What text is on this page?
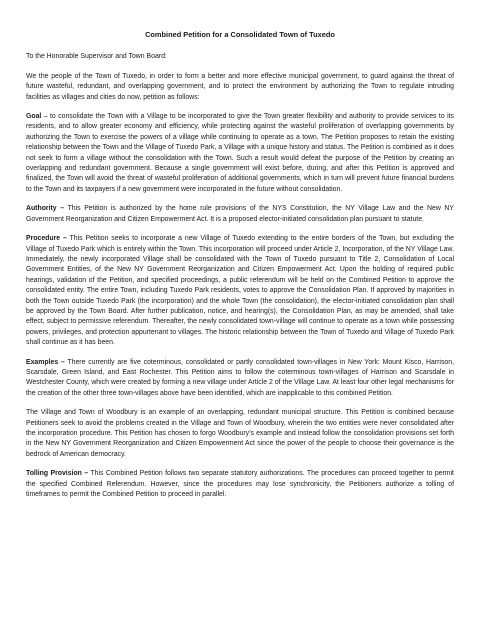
Combined Petition for a Consolidated Town of Tuxedo
To the Honorable Supervisor and Town Board:

We the people of the Town of Tuxedo, in order to form a better and more effective municipal government, to guard against the threat of future wasteful, redundant, and overlapping government, and to protect the environment by authorizing the Town to regulate intruding facilities as villages and cities do now, petition as follows:

Goal – to consolidate the Town with a Village to be incorporated to give the Town greater flexibility and authority to provide services to its residents, and to allow greater economy and efficiency, while protecting against the wasteful proliferation of overlapping governments by authorizing the Town to exercise the powers of a village while continuing to operate as a town. The Petition proposes to retain the existing relationship between the Town and the Village of Tuxedo Park, a Village with a unique history and status. The Petition is combined as it does not seek to form a village without the consolidation with the Town. Such a result would defeat the purpose of the Petition by creating an overlapping and redundant government. Because a single government will exist before, during, and after this Petition is approved and finalized, the Town will avoid the threat of wasteful proliferation of additional governments, which in turn will prevent future financial burdens to the Town and its taxpayers if a new government were incorporated in the future without consolidation.

Authority – This Petition is authorized by the home rule provisions of the NYS Constitution, the NY Village Law and the New NY Government Reorganization and Citizen Empowerment Act. It is a proposed elector-initiated consolidation plan pursuant to statute.

Procedure – This Petition seeks to incorporate a new Village of Tuxedo extending to the entire borders of the Town, but excluding the Village of Tuxedo Park which is entirely within the Town. This incorporation will proceed under Article 2, Incorporation, of the NY Village Law. Immediately, the newly incorporated Village shall be consolidated with the Town of Tuxedo pursuant to Title 2, Consolidation of Local Government Entities, of the New NY Government Reorganization and Citizen Empowerment Act. Upon the holding of required public hearings, validation of the Petition, and specified proceedings, a public referendum will be held on the Combined Petition to approve the consolidated entity. The entire Town, including Tuxedo Park residents, votes to approve the Consolidation Plan. If approved by majorities in both the Town outside Tuxedo Park (the incorporation) and the whole Town (the consolidation), the elector-initiated consolidation plan shall be approved by the Town Board. After further publication, notice, and hearing(s), the Consolidation Plan, as may be amended, shall take effect, subject to permissive referendum. Thereafter, the newly consolidated town-village will continue to operate as a town while possessing powers, privileges, and protection appurtenant to villages. The historic relationship between the Town of Tuxedo and Village of Tuxedo Park shall continue as it has been.

Examples – There currently are five coterminous, consolidated or partly consolidated town-villages in New York: Mount Kisco, Harrison, Scarsdale, Green Island, and East Rochester. This Petition aims to follow the coterminous town-villages of Harrison and Scarsdale in Westchester County, which were created by forming a new village under Article 2 of the Village Law. At least four other legal mechanisms for the creation of the other three town-villages above have been identified, which are inapplicable to this combined Petition.

The Village and Town of Woodbury is an example of an overlapping, redundant municipal structure. This Petition is combined because Petitioners seek to avoid the problems created in the Village and Town of Woodbury, wherein the two entities were never consolidated after the incorporation procedure. This Petition has chosen to forgo Woodbury’s example and instead follow the consolidation provisions set forth in the New NY Government Reorganization and Citizen Empowerment Act since the power of the people to choose their governance is the bedrock of American democracy.

Tolling Provision – This Combined Petition follows two separate statutory authorizations. The procedures can proceed together to permit the specified Combined Referendum. However, since the procedures may lose synchronicity, the Petitioners authorize a tolling of timeframes to permit the Combined Petition to proceed in parallel.
